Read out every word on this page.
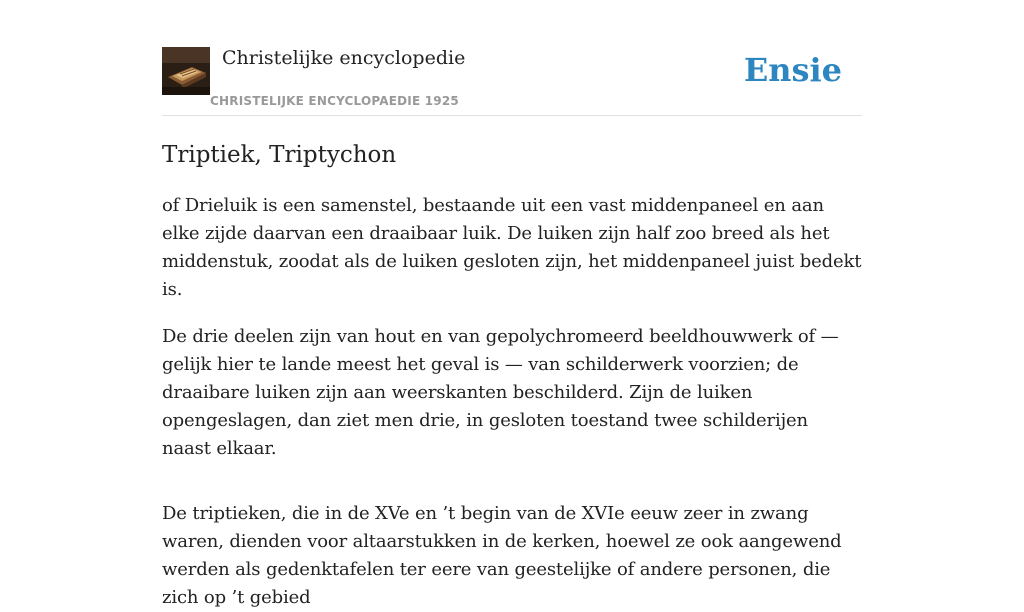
Christelijke encyclopedie
CHRISTELIJKE ENCYCLOPAEDIE 1925
Ensie
Triptiek, Triptychon

of Drieluik is een samenstel, bestaande uit een vast middenpaneel en aan elke zijde daarvan een draaibaar luik. De luiken zijn half zoo breed als het middenstuk, zoodat als de luiken gesloten zijn, het middenpaneel juist bedekt is.

De drie deelen zijn van hout en van gepolychromeerd beeldhouwwerk of — gelijk hier te lande meest het geval is — van schilderwerk voorzien; de draaibare luiken zijn aan weerskanten beschilderd. Zijn de luiken opengeslagen, dan ziet men drie, in gesloten toestand twee schilderijen naast elkaar.

De triptieken, die in de XVe en ’t begin van de XVIe eeuw zeer in zwang waren, dienden voor altaarstukken in de kerken, hoewel ze ook aangewend werden als gedenktafelen ter eere van geestelijke of andere personen, die zich op ’t gebied
